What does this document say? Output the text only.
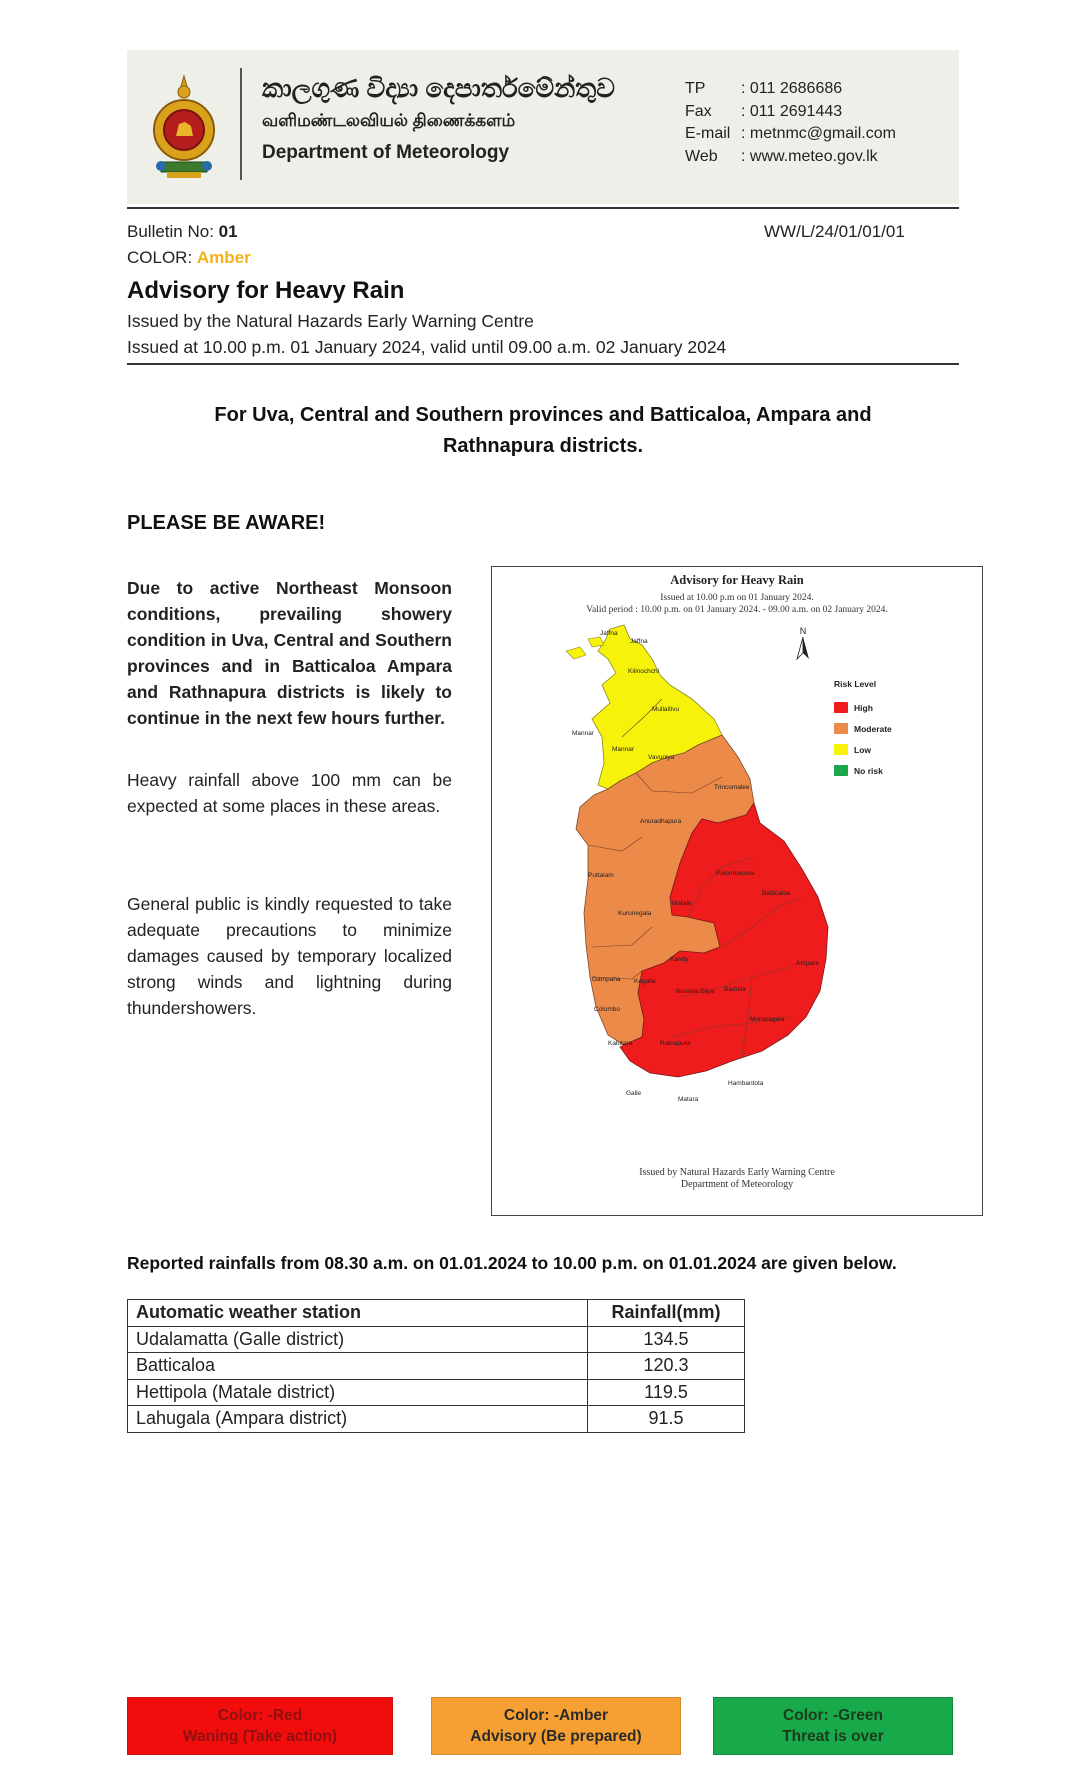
කාලගුණ විද්‍යා දෙපාර්තමේන්තුව
வளிமண்டலவியல் திணைக்களம்
Department of Meteorology
TP	: 011 2686686
Fax	: 011 2691443
E-mail : metnmc@gmail.com
Web	: www.meteo.gov.lk
Bulletin No: 01
COLOR: Amber
WW/L/24/01/01/01
Advisory for Heavy Rain
Issued by the Natural Hazards Early Warning Centre
Issued at 10.00 p.m. 01 January 2024, valid until 09.00 a.m. 02 January 2024
For Uva, Central and Southern provinces and Batticaloa, Ampara and
Rathnapura districts.
PLEASE BE AWARE!

Due to active Northeast Monsoon conditions, prevailing showery condition in Uva, Central and Southern provinces and in Batticaloa Ampara and Rathnapura districts is likely to continue in the next few hours further.

Heavy rainfall above 100 mm can be expected at some places in these areas.

General public is kindly requested to take adequate precautions to minimize damages caused by temporary localized strong winds and lightning during thundershowers.

Advisory for Heavy Rain
Issued at 10.00 p.m on 01 January 2024.
Valid period : 10.00 p.m. on 01 January 2024. - 09.00 a.m. on 02 January 2024.
N
Jaffna
Jaffna
Kilinochchi
Mullaitivu
Mannar
Mannar
Vavuniya
Trincomalee
Anuradhapura
Polonnaruwa
Batticaloa
Puttalam
Matale
Kurunegala
Kandy
Ampara
Gampaha Kegalle
Nuwara Eliya Badulla
Colombo
Monaragala
Kalutara	Ratnapura
Hambantota
Galle
Matara
Risk Level
High
Moderate
Low
No risk
Issued by Natural Hazards Early Warning Centre
Department of Meteorology
Reported rainfalls from 08.30 a.m. on 01.01.2024 to 10.00 p.m. on 01.01.2024 are given below.
Automatic weather station	Rainfall(mm)
Udalamatta (Galle district)	134.5
Batticaloa	120.3
Hettipola (Matale district)	119.5
Lahugala (Ampara district)	91.5
Color: -Red
Waning (Take action)
Color: -Amber
Advisory (Be prepared)
Color: -Green
Threat is over
